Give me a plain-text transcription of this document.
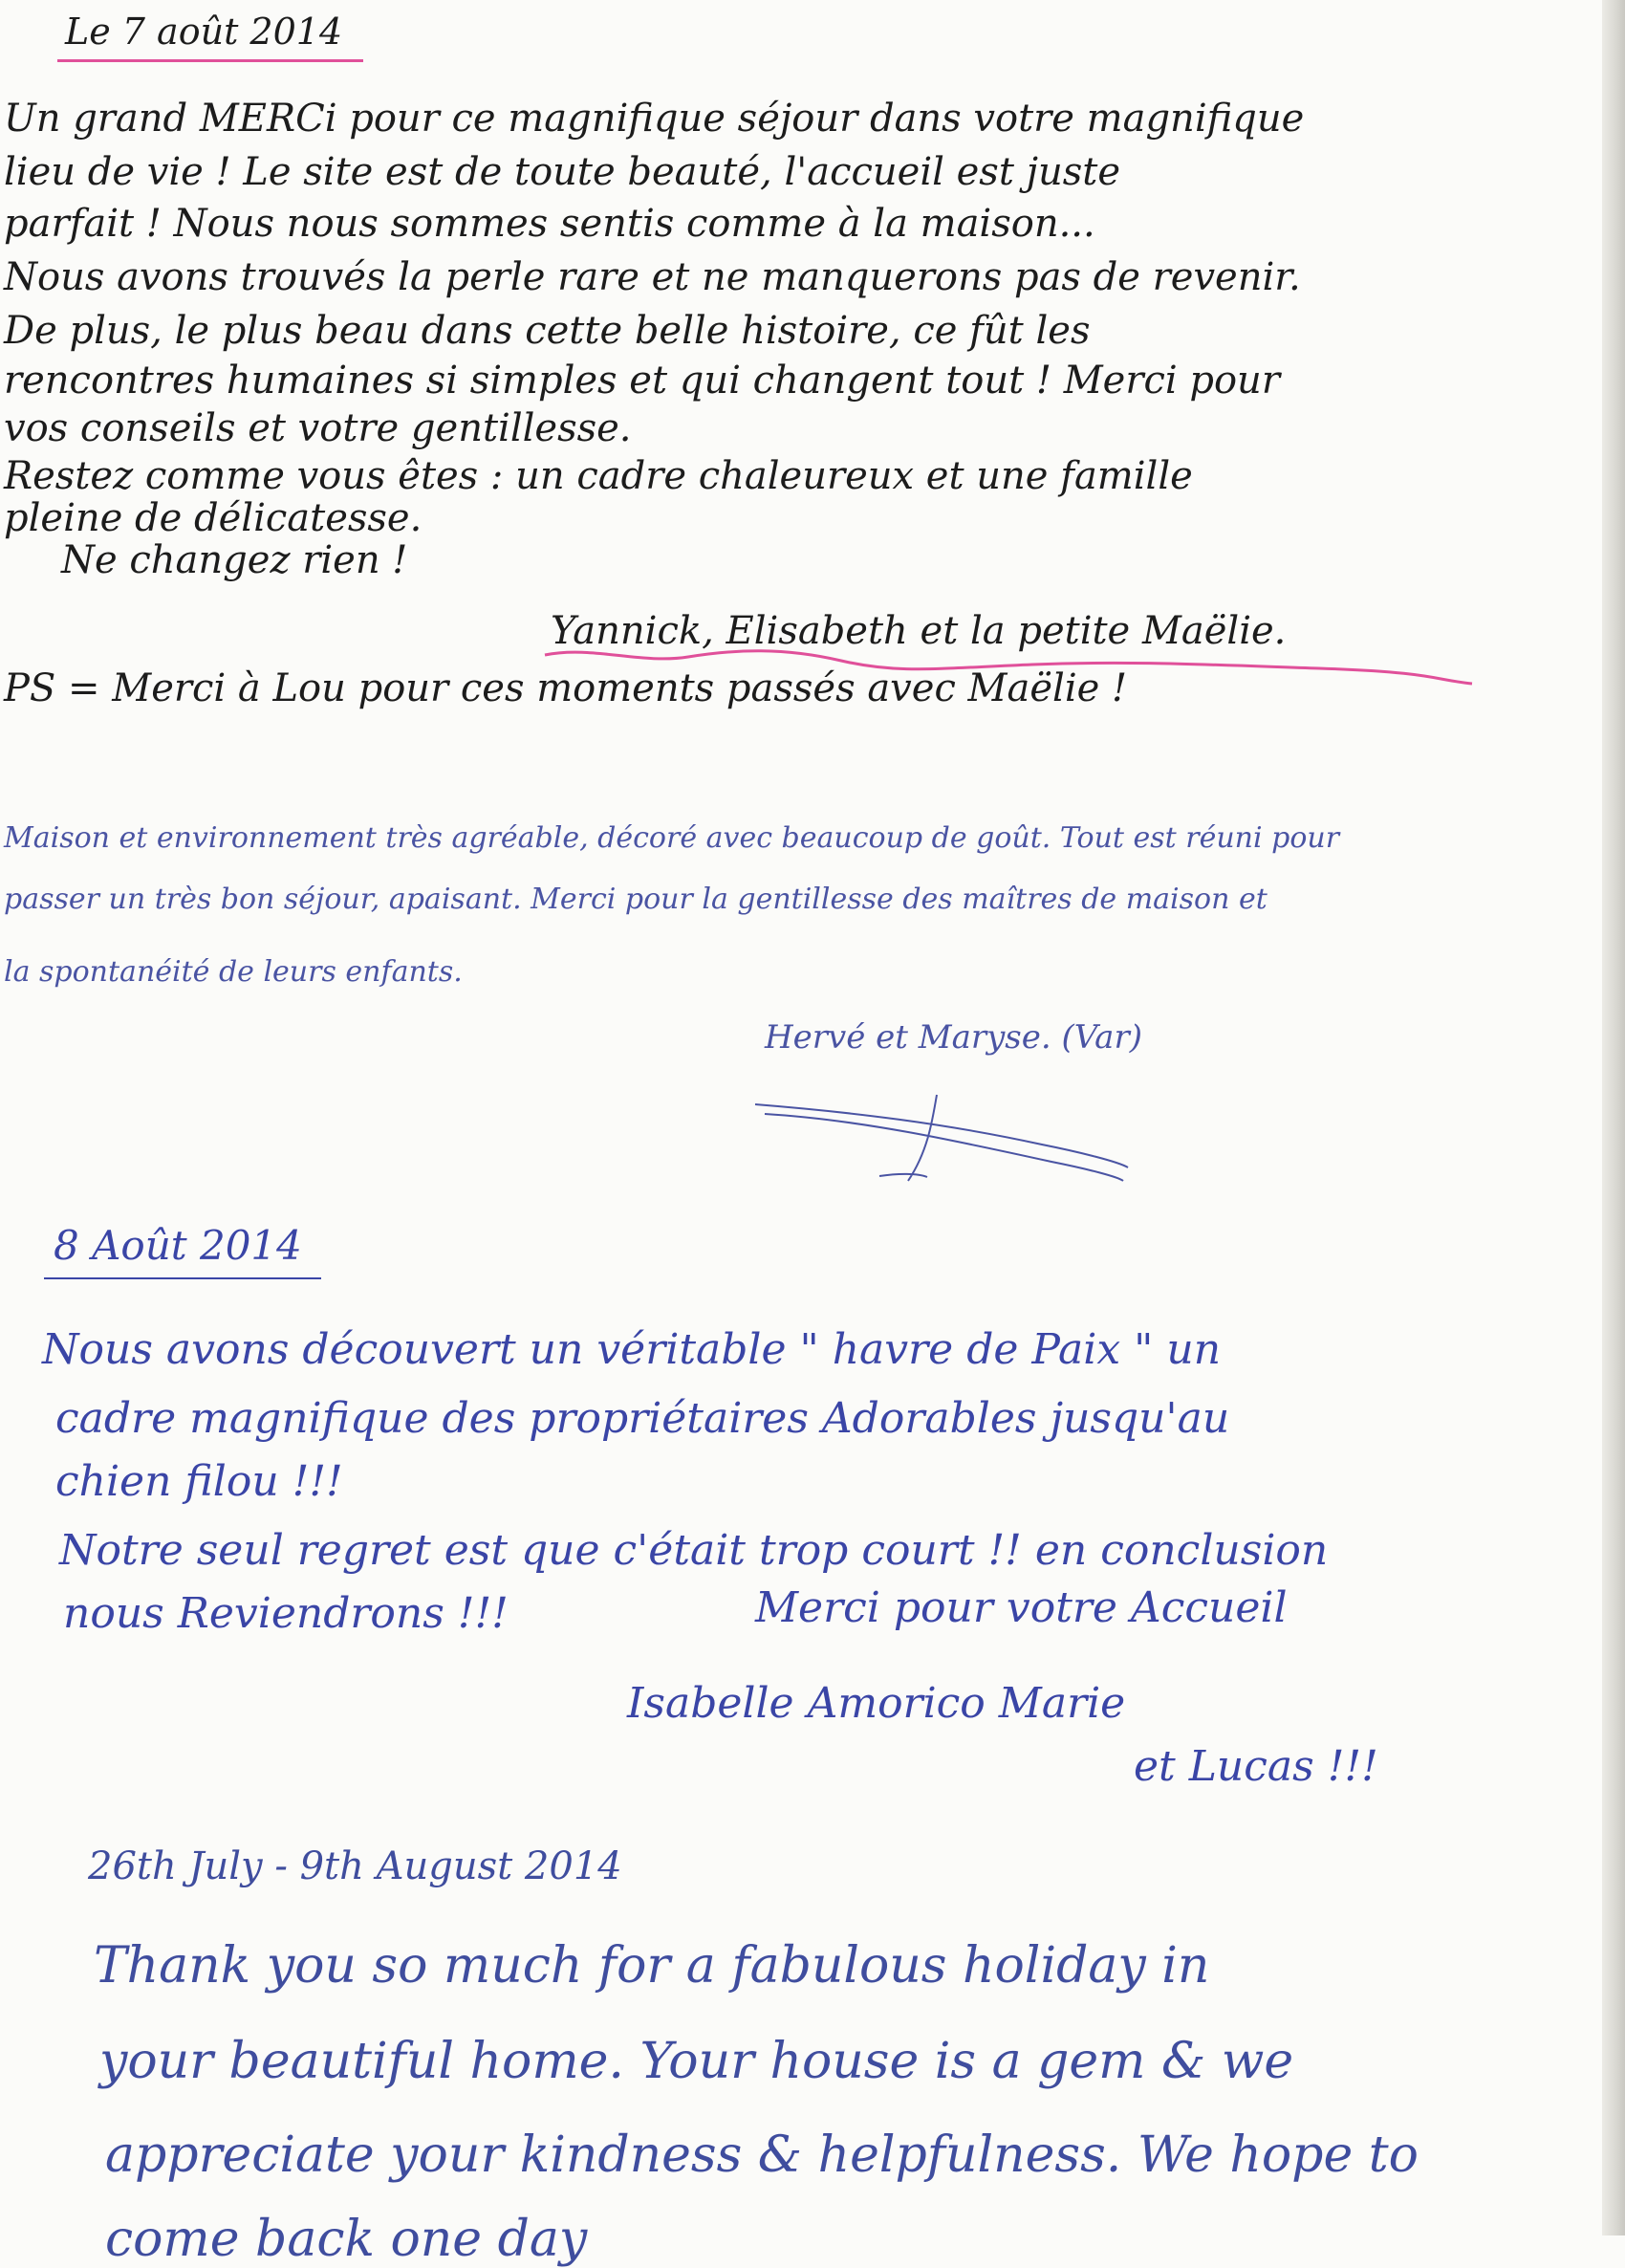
Le 7 août 2014

Un grand MERCi pour ce magnifique séjour dans votre magnifique

lieu de vie ! Le site est de toute beauté, l'accueil est juste

parfait ! Nous nous sommes sentis comme à la maison...

Nous avons trouvés la perle rare et ne manquerons pas de revenir.

De plus, le plus beau dans cette belle histoire, ce fût les

rencontres humaines si simples et qui changent tout ! Merci pour

vos conseils et votre gentillesse.

Restez comme vous êtes : un cadre chaleureux et une famille

pleine de délicatesse.

Ne changez rien !

Yannick, Elisabeth et la petite Maëlie.

PS = Merci à Lou pour ces moments passés avec Maëlie !

Maison et environnement très agréable, décoré avec beaucoup de goût. Tout est réuni pour

passer un très bon séjour, apaisant. Merci pour la gentillesse des maîtres de maison et

la spontanéité de leurs enfants.

Hervé et Maryse. (Var)

8 Août 2014

Nous avons découvert un véritable " havre de Paix " un

cadre magnifique des propriétaires Adorables jusqu'au

chien filou !!!

Notre seul regret est que c'était trop court !! en conclusion

nous Reviendrons !!!	Merci pour votre Accueil

Isabelle Amorico Marie

et Lucas !!!

26th July - 9th August 2014

Thank you so much for a fabulous holiday in

your beautiful home. Your house is a gem & we

appreciate your kindness & helpfulness. We hope to

come back one day
